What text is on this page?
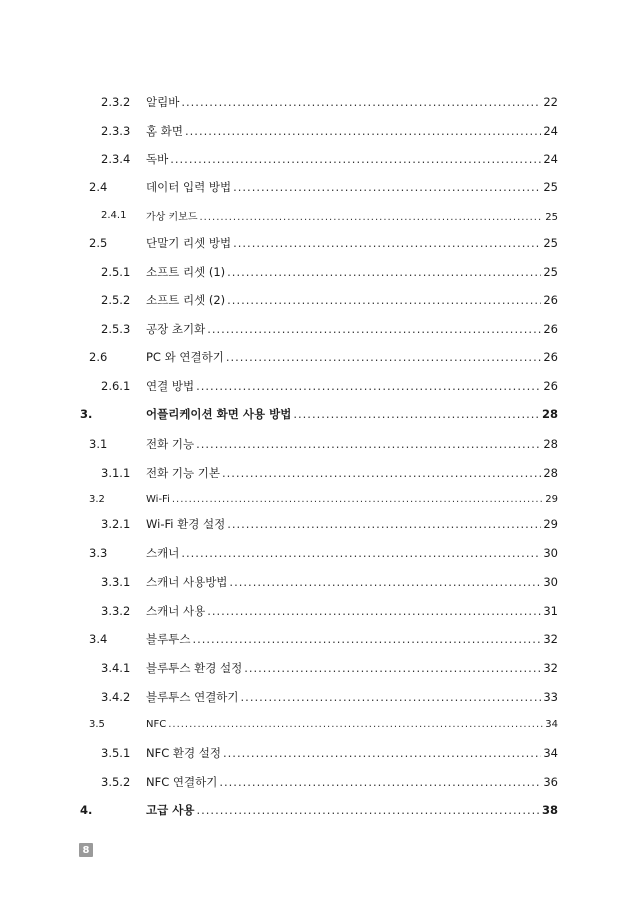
2.3.2 알림바 .....	22
2.3.3 홈 화면 .....	24
2.3.4 독바 .....	24
2.4	데이터 입력 방법 .....	25
2.4.1 가상 키보드 .....	25
2.5	단말기 리셋 방법 .....	25
2.5.1 소프트 리셋 (1) .....	25
2.5.2 소프트 리셋 (2) .....	26
2.5.3 공장 초기화 .....	26
2.6	PC 와 연결하기 .....	26
2.6.1 연결 방법 .....	26
3.	어플리케이션 화면 사용 방법 .....	28
3.1	전화 기능 .....	28
3.1.1 전화 기능 기본 .....	28
3.2	Wi-Fi .....	29
3.2.1 Wi-Fi 환경 설정 .....	29
3.3	스캐너 .....	30
3.3.1 스캐너 사용방법 .....	30
3.3.2 스캐너 사용 .....	31
3.4	블루투스 .....	32
3.4.1 블루투스 환경 설정 .....	32
3.4.2 블루투스 연결하기 .....	33
3.5	NFC .....	34
3.5.1 NFC 환경 설정 .....	34
3.5.2 NFC 연결하기 .....	36
4.	고급 사용 .....	38
8
